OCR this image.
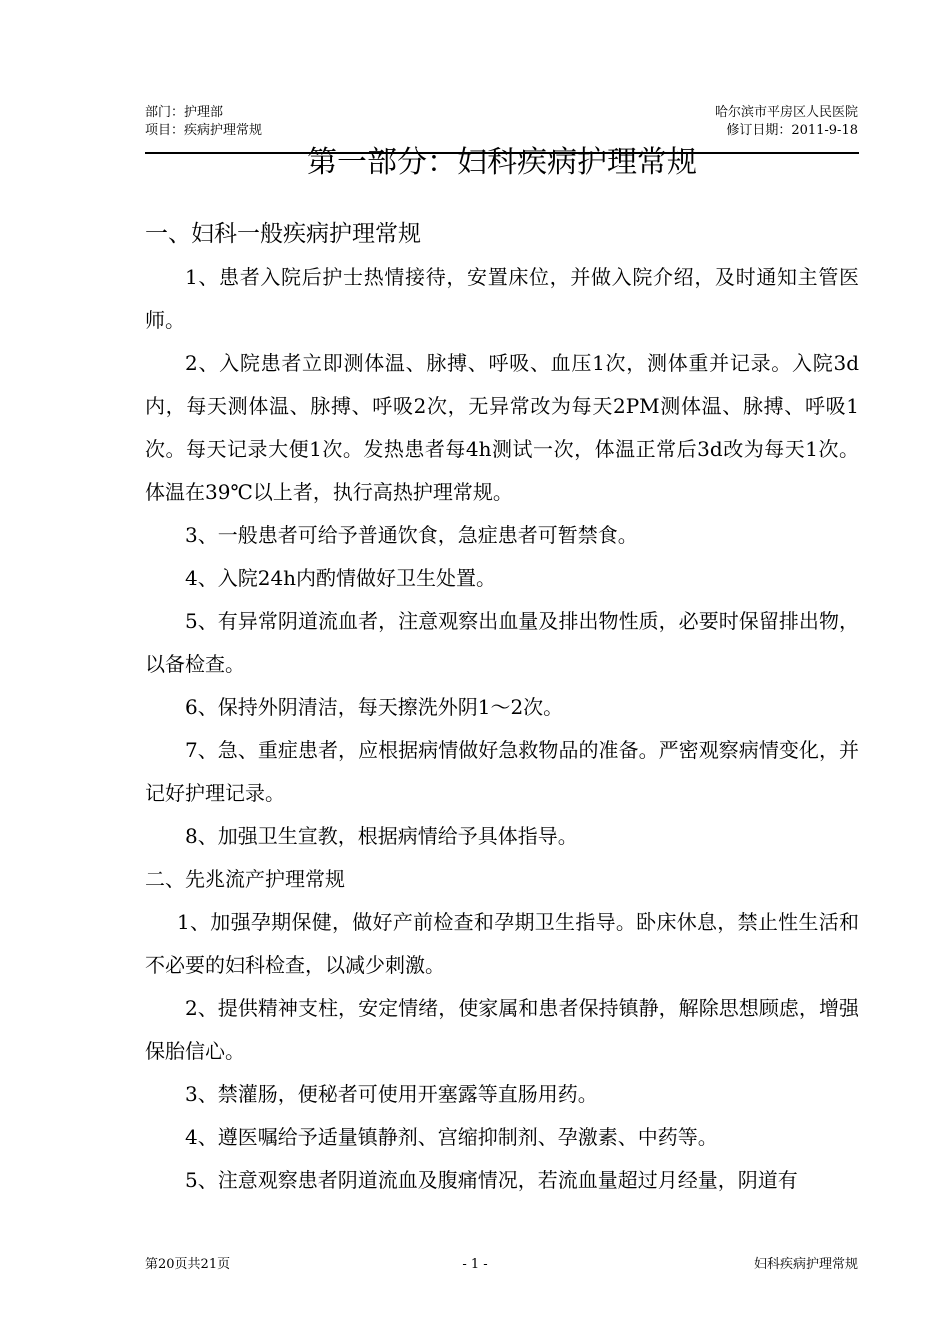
部门：护理部
项目：疾病护理常规
哈尔滨市平房区人民医院
修订日期：2011-9-18
第一部分：妇科疾病护理常规

一、妇科一般疾病护理常规

1、患者入院后护士热情接待，安置床位，并做入院介绍，及时通知主管医师。

2、入院患者立即测体温、脉搏、呼吸、血压1次，测体重并记录。入院3d内，每天测体温、脉搏、呼吸2次，无异常改为每天2PM测体温、脉搏、呼吸1次。每天记录大便1次。发热患者每4h测试一次，体温正常后3d改为每天1次。体温在39℃以上者，执行高热护理常规。

3、一般患者可给予普通饮食，急症患者可暂禁食。

4、入院24h内酌情做好卫生处置。

5、有异常阴道流血者，注意观察出血量及排出物性质，必要时保留排出物，以备检查。

6、保持外阴清洁，每天擦洗外阴1～2次。

7、急、重症患者，应根据病情做好急救物品的准备。严密观察病情变化，并记好护理记录。

8、加强卫生宣教，根据病情给予具体指导。

二、先兆流产护理常规

1、加强孕期保健，做好产前检查和孕期卫生指导。卧床休息，禁止性生活和不必要的妇科检查，以减少刺激。

2、提供精神支柱，安定情绪，使家属和患者保持镇静，解除思想顾虑，增强保胎信心。

3、禁灌肠，便秘者可使用开塞露等直肠用药。

4、遵医嘱给予适量镇静剂、宫缩抑制剂、孕激素、中药等。

5、注意观察患者阴道流血及腹痛情况，若流血量超过月经量，阴道有

- 1 -
第20页共21页	妇科疾病护理常规
